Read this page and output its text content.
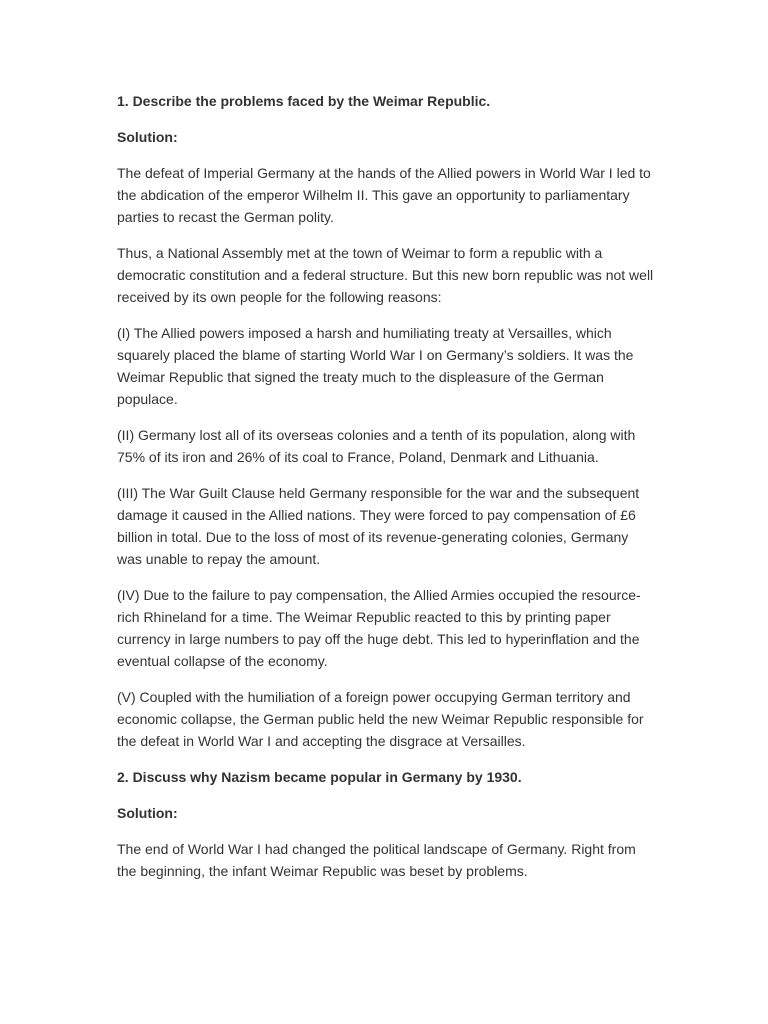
1. Describe the problems faced by the Weimar Republic.
Solution:
The defeat of Imperial Germany at the hands of the Allied powers in World War I led to the abdication of the emperor Wilhelm II. This gave an opportunity to parliamentary parties to recast the German polity.
Thus, a National Assembly met at the town of Weimar to form a republic with a democratic constitution and a federal structure. But this new born republic was not well received by its own people for the following reasons:
(I) The Allied powers imposed a harsh and humiliating treaty at Versailles, which squarely placed the blame of starting World War I on Germany’s soldiers. It was the Weimar Republic that signed the treaty much to the displeasure of the German populace.
(II) Germany lost all of its overseas colonies and a tenth of its population, along with 75% of its iron and 26% of its coal to France, Poland, Denmark and Lithuania.
(III) The War Guilt Clause held Germany responsible for the war and the subsequent damage it caused in the Allied nations. They were forced to pay compensation of £6 billion in total. Due to the loss of most of its revenue-generating colonies, Germany was unable to repay the amount.
(IV) Due to the failure to pay compensation, the Allied Armies occupied the resource-rich Rhineland for a time. The Weimar Republic reacted to this by printing paper currency in large numbers to pay off the huge debt. This led to hyperinflation and the eventual collapse of the economy.
(V) Coupled with the humiliation of a foreign power occupying German territory and economic collapse, the German public held the new Weimar Republic responsible for the defeat in World War I and accepting the disgrace at Versailles.
2. Discuss why Nazism became popular in Germany by 1930.
Solution:
The end of World War I had changed the political landscape of Germany. Right from the beginning, the infant Weimar Republic was beset by problems.
